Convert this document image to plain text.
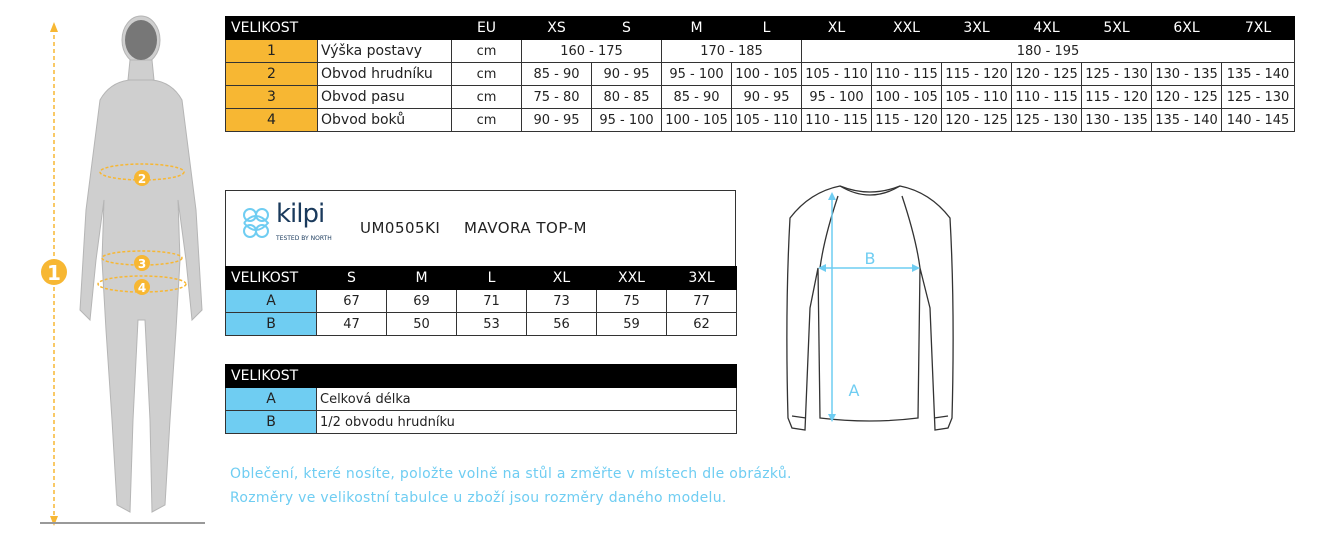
1
2
3
4
VELIKOST		EU	XS	S	M	L	XL	XXL	3XL	4XL	5XL	6XL	7XL
1	Výška postavy	cm	160 - 175		170 - 185		180 - 195						
2	Obvod hrudníku	cm	85 - 90	90 - 95	95 - 100	100 - 105	105 - 110	110 - 115	115 - 120	120 - 125	125 - 130	130 - 135	135 - 140
3	Obvod pasu	cm	75 - 80	80 - 85	85 - 90	90 - 95	95 - 100	100 - 105	105 - 110	110 - 115	115 - 120	120 - 125	125 - 130
4	Obvod boků	cm	90 - 95	95 - 100	100 - 105	105 - 110	110 - 115	115 - 120	120 - 125	125 - 130	130 - 135	135 - 140	140 - 145
kilpi
TESTED BY NORTH
UM0505KI MAVORA TOP-M
VELIKOST	S	M	L	XL	XXL	3XL
A	67	69	71	73	75	77
B	47	50	53	56	59	62
VELIKOST	
A	Celková délka
B	1/2 obvodu hrudníku
B
A
Oblečení, které nosíte, položte volně na stůl a změřte v místech dle obrázků.
Rozměry ve velikostní tabulce u zboží jsou rozměry daného modelu.
